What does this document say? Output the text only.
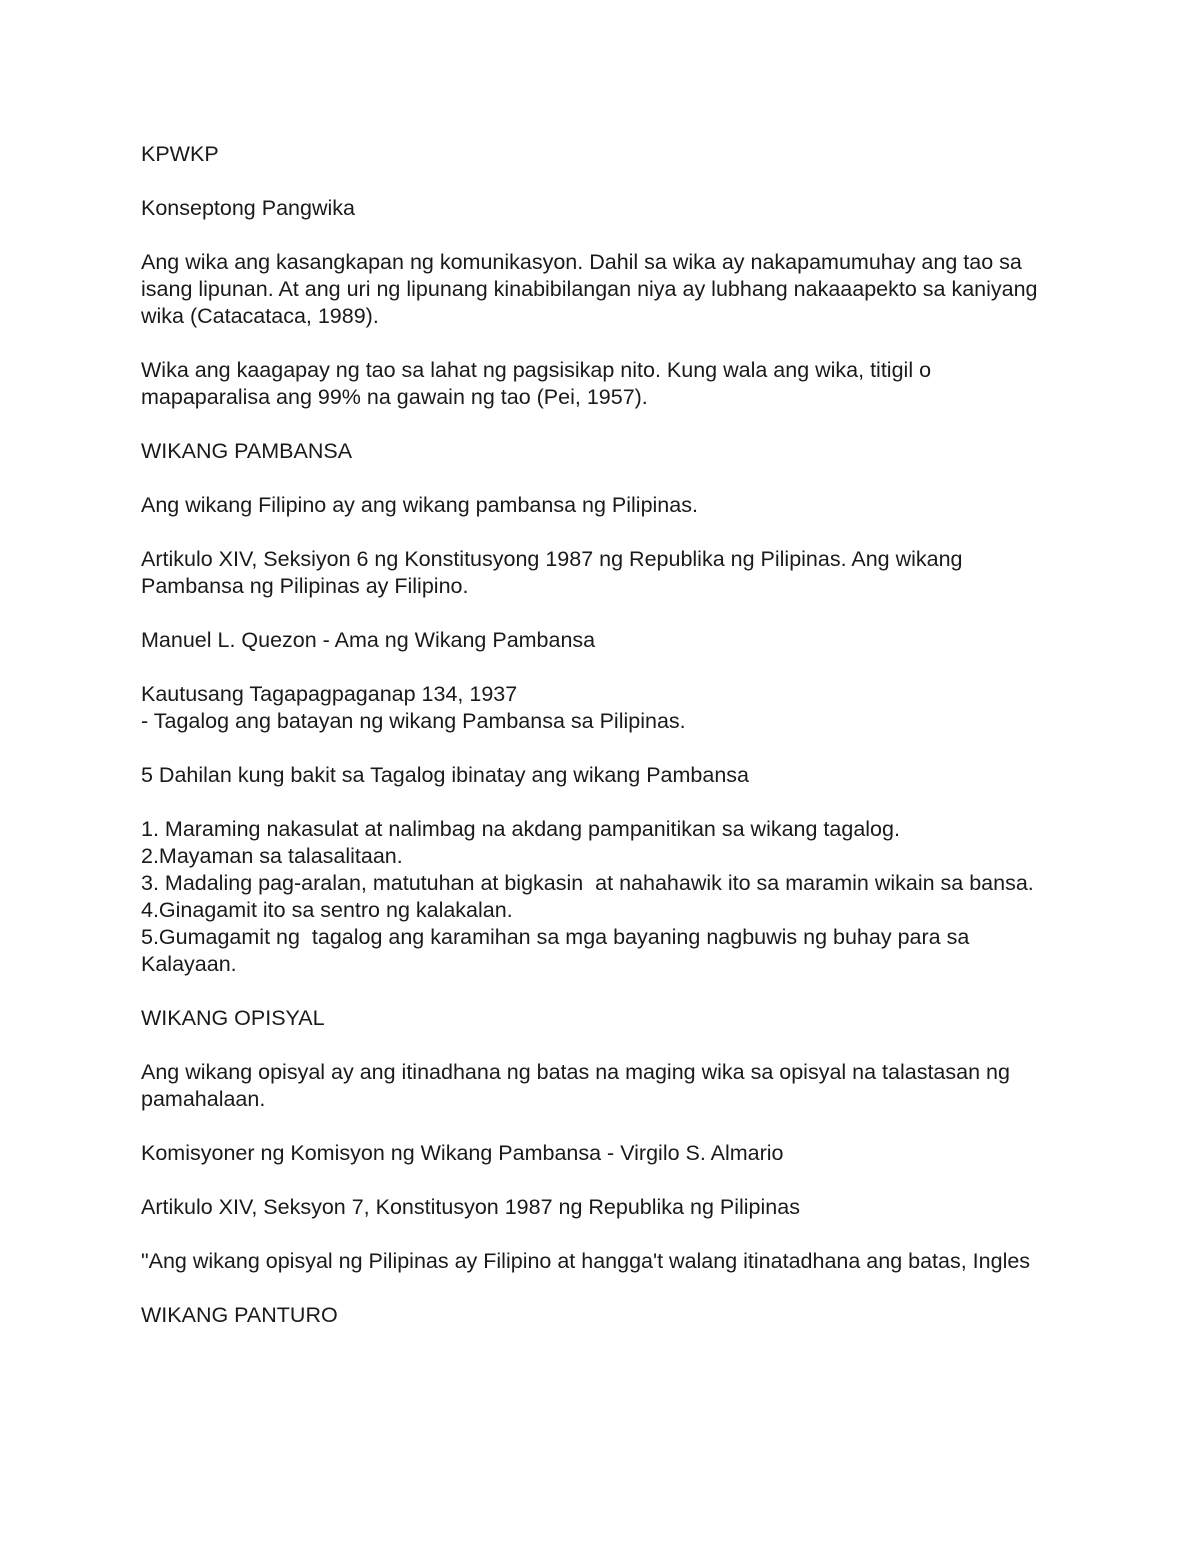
KPWKP

Konseptong Pangwika

Ang wika ang kasangkapan ng komunikasyon. Dahil sa wika ay nakapamumuhay ang tao sa isang lipunan. At ang uri ng lipunang kinabibilangan niya ay lubhang nakaaapekto sa kaniyang wika (Catacataca, 1989).

Wika ang kaagapay ng tao sa lahat ng pagsisikap nito. Kung wala ang wika, titigil o mapaparalisa ang 99% na gawain ng tao (Pei, 1957).

WIKANG PAMBANSA

Ang wikang Filipino ay ang wikang pambansa ng Pilipinas.

Artikulo XIV, Seksiyon 6 ng Konstitusyong 1987 ng Republika ng Pilipinas. Ang wikang Pambansa ng Pilipinas ay Filipino.

Manuel L. Quezon - Ama ng Wikang Pambansa

Kautusang Tagapagpaganap 134, 1937

- Tagalog ang batayan ng wikang Pambansa sa Pilipinas.

5 Dahilan kung bakit sa Tagalog ibinatay ang wikang Pambansa

1. Maraming nakasulat at nalimbag na akdang pampanitikan sa wikang tagalog.

2.Mayaman sa talasalitaan.

3. Madaling pag-aralan, matutuhan at bigkasin  at nahahawik ito sa maramin wikain sa bansa.

4.Ginagamit ito sa sentro ng kalakalan.

5.Gumagamit ng  tagalog ang karamihan sa mga bayaning nagbuwis ng buhay para sa Kalayaan.

WIKANG OPISYAL

Ang wikang opisyal ay ang itinadhana ng batas na maging wika sa opisyal na talastasan ng pamahalaan.

Komisyoner ng Komisyon ng Wikang Pambansa - Virgilo S. Almario

Artikulo XIV, Seksyon 7, Konstitusyon 1987 ng Republika ng Pilipinas

"Ang wikang opisyal ng Pilipinas ay Filipino at hangga't walang itinatadhana ang batas, Ingles

WIKANG PANTURO
